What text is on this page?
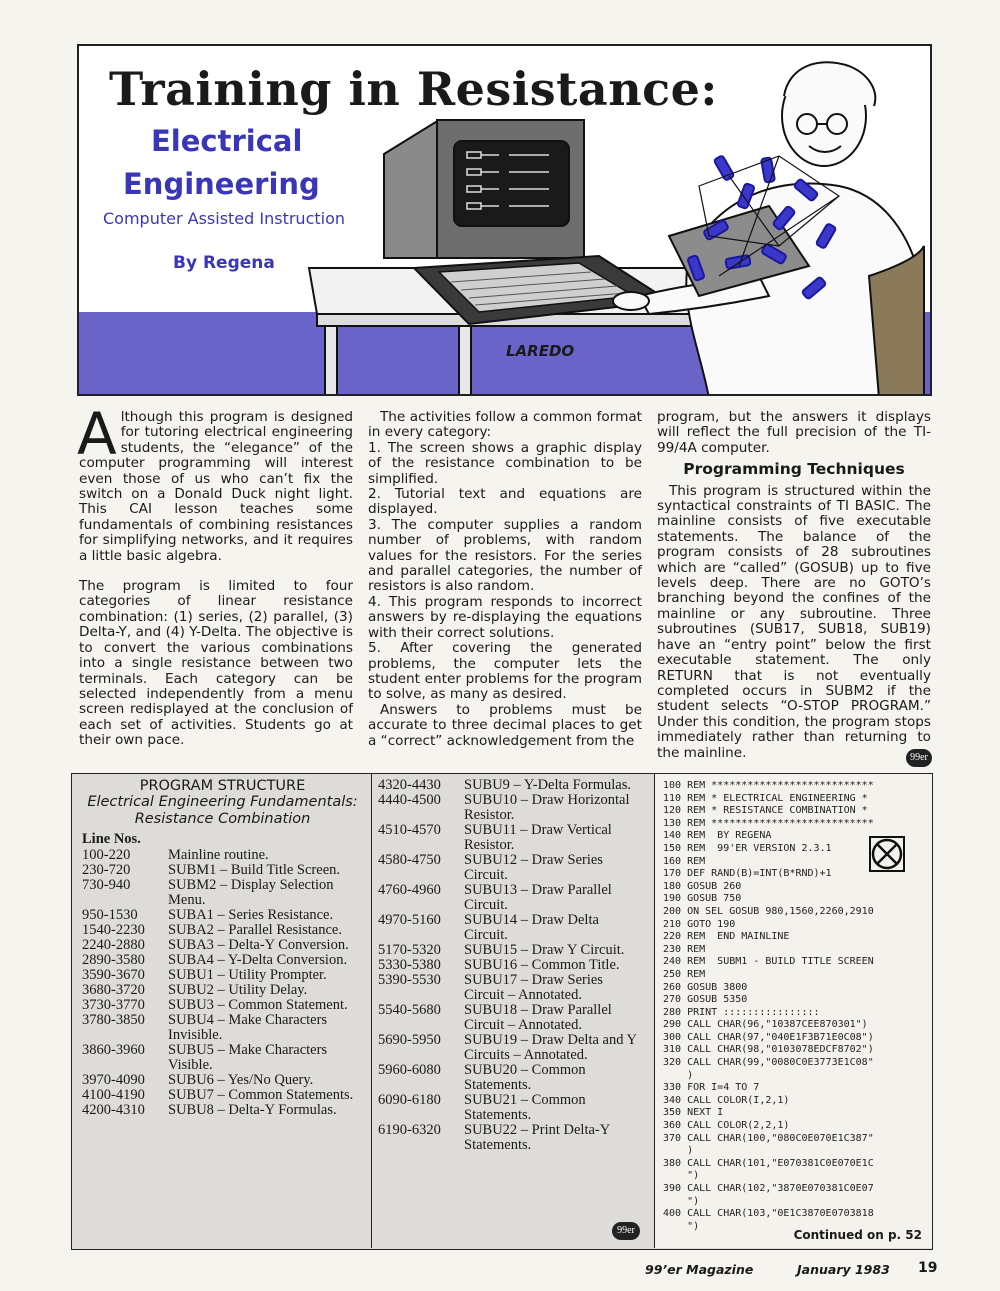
Training in Resistance:
Electrical
Engineering
Computer Assisted Instruction
By Regena
LAREDO

Although this program is designed for tutoring electrical engineering students, the “elegance” of the computer programming will interest even those of us who can’t fix the switch on a Donald Duck night light. This CAI lesson teaches some fundamentals of combining resistances for simplifying networks, and it requires a little basic algebra.

The program is limited to four categories of linear resistance combination: (1) series, (2) parallel, (3) Delta-Y, and (4) Y-Delta. The objective is to convert the various combinations into a single resistance between two terminals. Each category can be selected independently from a menu screen redisplayed at the conclusion of each set of activities. Students go at their own pace.

The activities follow a common format in every category:

1. The screen shows a graphic display of the resistance combination to be simplified.

2. Tutorial text and equations are displayed.

3. The computer supplies a random number of problems, with random values for the resistors. For the series and parallel categories, the number of resistors is also random.

4. This program responds to incorrect answers by re-displaying the equations with their correct solutions.

5. After covering the generated problems, the computer lets the student enter problems for the program to solve, as many as desired.

Answers to problems must be accurate to three decimal places to get a “correct” acknowledgement from the

program, but the answers it displays will reflect the full precision of the TI-99/4A computer.

Programming Techniques

This program is structured within the syntactical constraints of TI BASIC. The mainline consists of five executable statements. The balance of the program consists of 28 subroutines which are “called” (GOSUB) up to five levels deep. There are no GOTO’s branching beyond the confines of the mainline or any subroutine. Three subroutines (SUB17, SUB18, SUB19) have an “entry point” below the first executable statement. The only RETURN that is not eventually completed occurs in SUBM2 if the student selects “O-STOP PROGRAM.” Under this condition, the program stops immediately rather than returning to the mainline.	99er
PROGRAM STRUCTURE
Electrical Engineering Fundamentals: Resistance Combination
Line Nos.
100-220	Mainline routine.
230-720	SUBM1 – Build Title Screen.
730-940	SUBM2 – Display Selection Menu.
950-1530	SUBA1 – Series Resistance.
1540-2230	SUBA2 – Parallel Resistance.
2240-2880	SUBA3 – Delta-Y Conversion.
2890-3580	SUBA4 – Y-Delta Conversion.
3590-3670	SUBU1 – Utility Prompter.
3680-3720	SUBU2 – Utility Delay.
3730-3770	SUBU3 – Common Statement.
3780-3850	SUBU4 – Make Characters Invisible.
3860-3960	SUBU5 – Make Characters Visible.
3970-4090	SUBU6 – Yes/No Query.
4100-4190	SUBU7 – Common Statements.
4200-4310	SUBU8 – Delta-Y Formulas.
4320-4430	SUBU9 – Y-Delta Formulas.
4440-4500	SUBU10 – Draw Horizontal Resistor.
4510-4570	SUBU11 – Draw Vertical Resistor.
4580-4750	SUBU12 – Draw Series Circuit.
4760-4960	SUBU13 – Draw Parallel Circuit.
4970-5160	SUBU14 – Draw Delta Circuit.
5170-5320	SUBU15 – Draw Y Circuit.
5330-5380	SUBU16 – Common Title.
5390-5530	SUBU17 – Draw Series Circuit – Annotated.
5540-5680	SUBU18 – Draw Parallel Circuit – Annotated.
5690-5950	SUBU19 – Draw Delta and Y Circuits – Annotated.
5960-6080	SUBU20 – Common Statements.
6090-6180	SUBU21 – Common Statements.
6190-6320	SUBU22 – Print Delta-Y Statements.
99er
100 REM ***************************
110 REM * ELECTRICAL ENGINEERING *
120 REM * RESISTANCE COMBINATION *
130 REM ***************************
140 REM  BY REGENA
150 REM  99'ER VERSION 2.3.1
160 REM
170 DEF RAND(B)=INT(B*RND)+1
180 GOSUB 260
190 GOSUB 750
200 ON SEL GOSUB 980,1560,2260,2910
210 GOTO 190
220 REM  END MAINLINE
230 REM
240 REM  SUBM1 - BUILD TITLE SCREEN
250 REM
260 GOSUB 3800
270 GOSUB 5350
280 PRINT ::::::::::::::::
290 CALL CHAR(96,"10387CEE870301")
300 CALL CHAR(97,"040E1F3B71E0C08")
310 CALL CHAR(98,"0103078EDCF8702")
320 CALL CHAR(99,"0080C0E3773E1C08"
)
330 FOR I=4 TO 7
340 CALL COLOR(I,2,1)
350 NEXT I
360 CALL COLOR(2,2,1)
370 CALL CHAR(100,"080C0E070E1C387"
)
380 CALL CHAR(101,"E070381C0E070E1C
")
390 CALL CHAR(102,"3870E070381C0E07
")
400 CALL CHAR(103,"0E1C3870E0703818
")
Continued on p. 52
99’er Magazine	January 1983 19
